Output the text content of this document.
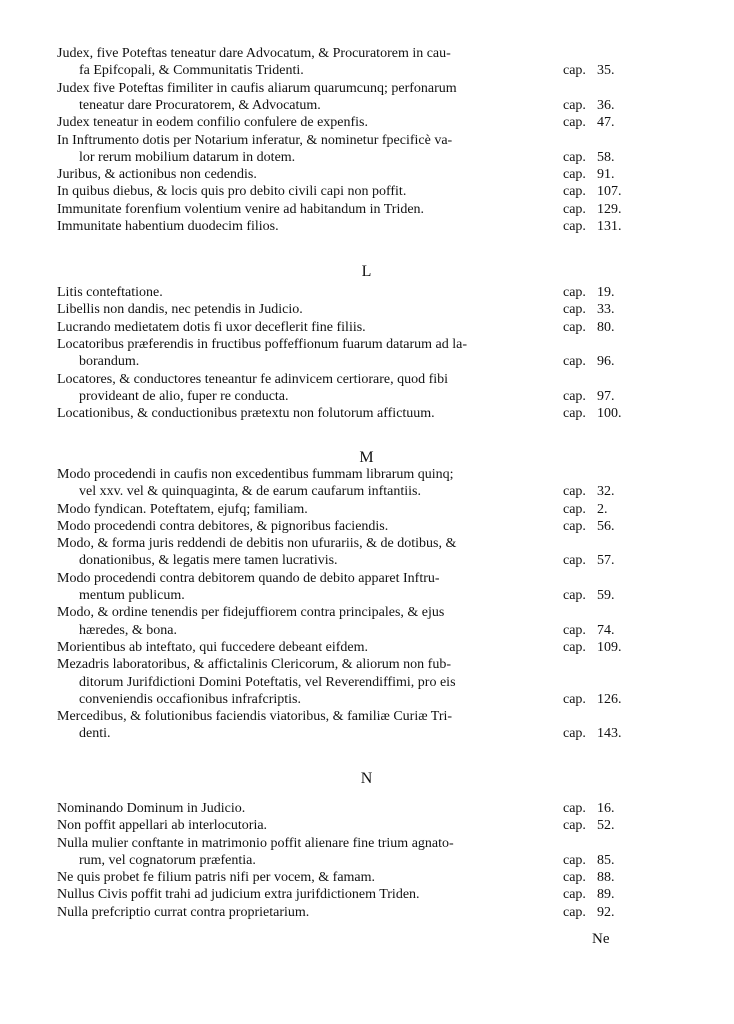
Judex, five Poteftas teneatur dare Advocatum, & Procuratorem in cau-
fa Epifcopali, & Communitatis Tridenti.	cap. 35.
Judex five Poteftas fimiliter in caufis aliarum quarumcunq; perfonarum
teneatur dare Procuratorem, & Advocatum.	cap. 36.
Judex teneatur in eodem confilio confulere de expenfis.	cap. 47.
In Inftrumento dotis per Notarium inferatur, & nominetur fpecificè va-
lor rerum mobilium datarum in dotem.	cap. 58.
Juribus, & actionibus non cedendis.	cap. 91.
In quibus diebus, & locis quis pro debito civili capi non poffit.	cap. 107.
Immunitate forenfium volentium venire ad habitandum in Triden.	cap. 129.
Immunitate habentium duodecim filios.	cap. 131.
L
Litis conteftatione.	cap. 19.
Libellis non dandis, nec petendis in Judicio.	cap. 33.
Lucrando medietatem dotis fi uxor deceflerit fine filiis.	cap. 80.
Locatoribus præferendis in fructibus poffeffionum fuarum datarum ad la-
borandum.	cap. 96.
Locatores, & conductores teneantur fe adinvicem certiorare, quod fibi
provideant de alio, fuper re conducta.	cap. 97.
Locationibus, & conductionibus prætextu non folutorum affictuum.	cap. 100.
M
Modo procedendi in caufis non excedentibus fummam librarum quinq;
vel xxv. vel & quinquaginta, & de earum caufarum inftantiis.	cap. 32.
Modo fyndican. Poteftatem, ejufq; familiam.	cap. 2.
Modo procedendi contra debitores, & pignoribus faciendis.	cap. 56.
Modo, & forma juris reddendi de debitis non ufurariis, & de dotibus, &
donationibus, & legatis mere tamen lucrativis.	cap. 57.
Modo procedendi contra debitorem quando de debito apparet Inftru-
mentum publicum.	cap. 59.
Modo, & ordine tenendis per fidejuffiorem contra principales, & ejus
hæredes, & bona.	cap. 74.
Morientibus ab inteftato, qui fuccedere debeant eifdem.	cap. 109.
Mezadris laboratoribus, & affictalinis Clericorum, & aliorum non fub-
ditorum Jurifdictioni Domini Poteftatis, vel Reverendiffimi, pro eis
conveniendis occafionibus infrafcriptis.	cap. 126.
Mercedibus, & folutionibus faciendis viatoribus, & familiæ Curiæ Tri-
denti.	cap. 143.
N
Nominando Dominum in Judicio.	cap. 16.
Non poffit appellari ab interlocutoria.	cap. 52.
Nulla mulier conftante in matrimonio poffit alienare fine trium agnato-
rum, vel cognatorum præfentia.	cap. 85.
Ne quis probet fe filium patris nifi per vocem, & famam.	cap. 88.
Nullus Civis poffit trahi ad judicium extra jurifdictionem Triden.	cap. 89.
Nulla prefcriptio currat contra proprietarium.	cap. 92.
Ne
